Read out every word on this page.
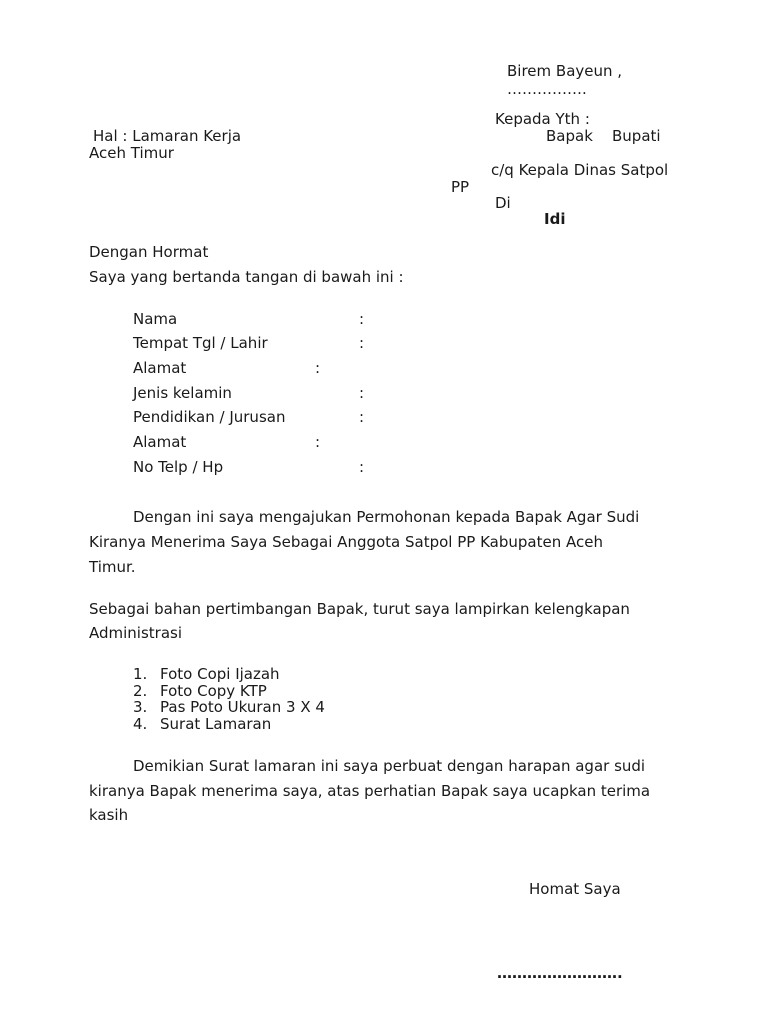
Birem Bayeun ,
…………….
Kepada Yth :
Bapak Bupati
Hal : Lamaran Kerja
Aceh Timur
c/q Kepala Dinas Satpol
PP
Di
Idi
Dengan Hormat
Saya yang bertanda tangan di bawah ini :
Nama	:
Tempat Tgl / Lahir	:
Alamat	:
Jenis kelamin	:
Pendidikan / Jurusan	:
Alamat	:
No Telp / Hp	:
Dengan ini saya mengajukan Permohonan kepada Bapak Agar Sudi
Kiranya Menerima Saya Sebagai Anggota Satpol PP Kabupaten Aceh
Timur.
Sebagai bahan pertimbangan Bapak, turut saya lampirkan kelengkapan
Administrasi
1. Foto Copi Ijazah
2. Foto Copy KTP
3. Pas Poto Ukuran 3 X 4
4. Surat Lamaran
Demikian Surat lamaran ini saya perbuat dengan harapan agar sudi
kiranya Bapak menerima saya, atas perhatian Bapak saya ucapkan terima
kasih
Homat Saya
…………………….
